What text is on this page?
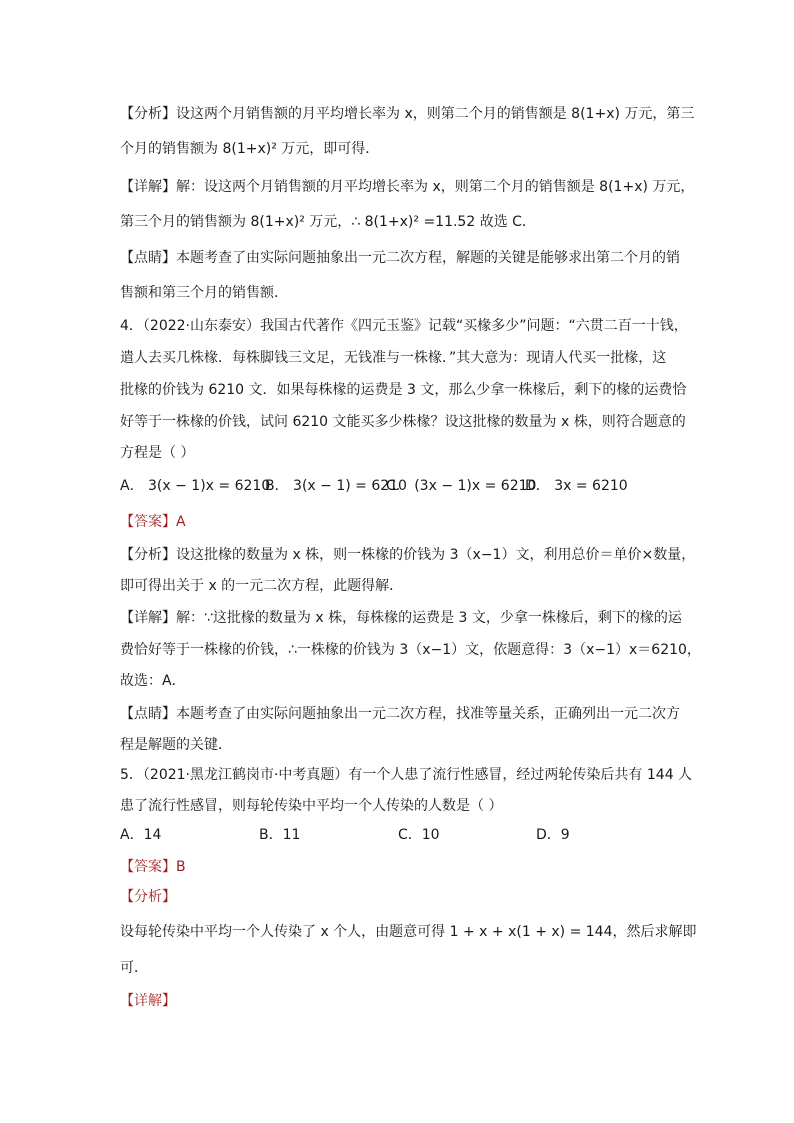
【分析】设这两个月销售额的月平均增长率为 x，则第二个月的销售额是 8(1+x) 万元，第三
个月的销售额为 8(1+x)² 万元，即可得．
【详解】解：设这两个月销售额的月平均增长率为 x，则第二个月的销售额是 8(1+x) 万元，
第三个月的销售额为 8(1+x)² 万元，∴ 8(1+x)² =11.52 故选 C．
【点睛】本题考查了由实际问题抽象出一元二次方程，解题的关键是能够求出第二个月的销
售额和第三个月的销售额．
4．（2022·山东泰安）我国古代著作《四元玉鉴》记载“买椽多少”问题：“六贯二百一十钱，
遣人去买几株椽．每株脚钱三文足，无钱准与一株椽．”其大意为：现请人代买一批椽，这
批椽的价钱为 6210 文．如果每株椽的运费是 3 文，那么少拿一株椽后，剩下的椽的运费恰
好等于一株椽的价钱，试问 6210 文能买多少株椽？设这批椽的数量为 x 株，则符合题意的
方程是（ ）
A． 3(x − 1)x = 6210
B． 3(x − 1) = 6210
C． (3x − 1)x = 6210
D． 3x = 6210
【答案】A
【分析】设这批椽的数量为 x 株，则一株椽的价钱为 3（x−1）文，利用总价＝单价×数量，
即可得出关于 x 的一元二次方程，此题得解．
【详解】解：∵这批椽的数量为 x 株，每株椽的运费是 3 文，少拿一株椽后，剩下的椽的运
费恰好等于一株椽的价钱，∴一株椽的价钱为 3（x−1）文，依题意得：3（x−1）x＝6210，
故选：A．
【点睛】本题考查了由实际问题抽象出一元二次方程，找准等量关系，正确列出一元二次方
程是解题的关键．
5．（2021·黑龙江鹤岗市·中考真题）有一个人患了流行性感冒，经过两轮传染后共有 144 人
患了流行性感冒，则每轮传染中平均一个人传染的人数是（ ）
A．14	B．11	C．10	D．9
【答案】B
【分析】
设每轮传染中平均一个人传染了 x 个人，由题意可得 1 + x + x(1 + x) = 144，然后求解即
可．
【详解】
